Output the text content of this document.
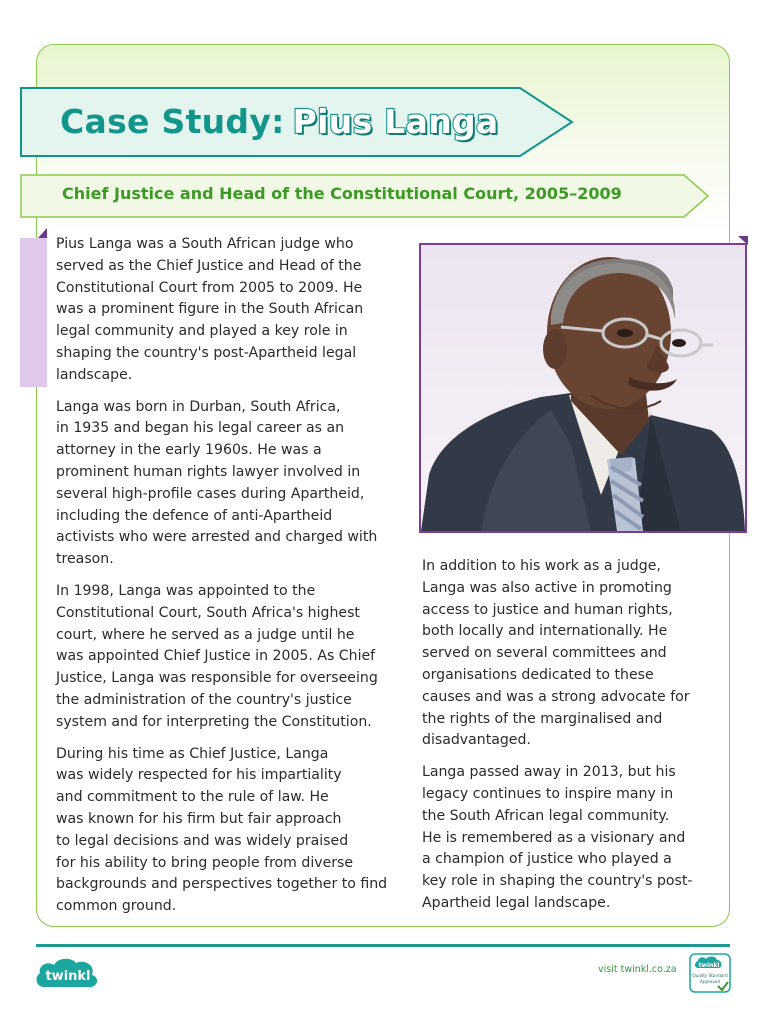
Case Study: Pius Langa
Chief Justice and Head of the Constitutional Court, 2005–2009

Pius Langa was a South African judge who
served as the Chief Justice and Head of the
Constitutional Court from 2005 to 2009. He
was a prominent figure in the South African
legal community and played a key role in
shaping the country's post-Apartheid legal
landscape.

Langa was born in Durban, South Africa,
in 1935 and began his legal career as an
attorney in the early 1960s. He was a
prominent human rights lawyer involved in
several high-profile cases during Apartheid,
including the defence of anti-Apartheid
activists who were arrested and charged with
treason.

In 1998, Langa was appointed to the
Constitutional Court, South Africa's highest
court, where he served as a judge until he
was appointed Chief Justice in 2005. As Chief
Justice, Langa was responsible for overseeing
the administration of the country's justice
system and for interpreting the Constitution.

During his time as Chief Justice, Langa
was widely respected for his impartiality
and commitment to the rule of law. He
was known for his firm but fair approach
to legal decisions and was widely praised
for his ability to bring people from diverse
backgrounds and perspectives together to find
common ground.

In addition to his work as a judge,
Langa was also active in promoting
access to justice and human rights,
both locally and internationally. He
served on several committees and
organisations dedicated to these
causes and was a strong advocate for
the rights of the marginalised and
disadvantaged.

Langa passed away in 2013, but his
legacy continues to inspire many in
the South African legal community.
He is remembered as a visionary and
a champion of justice who played a
key role in shaping the country's post-
Apartheid legal landscape.

twinkl	visit twinkl.co.za	twinkl
Quality Standard
Approved
